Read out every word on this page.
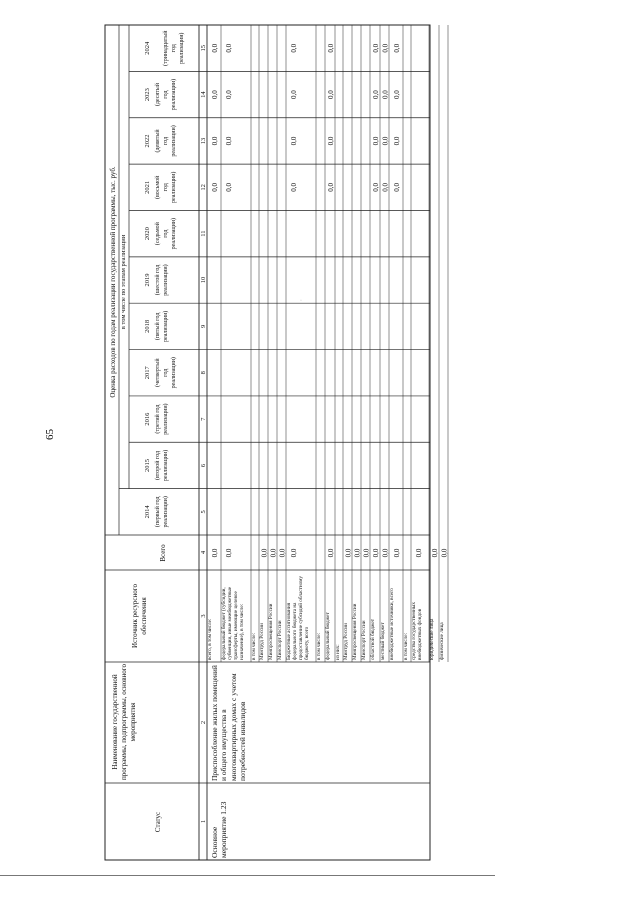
65
·
Статус
Наименование государственной программы, подпрограммы, основного мероприятия
Источник ресурсного обеспечения
Всего
Оценка расходов по годам реализации государственной программы, тыс. руб. в том числе по этапам реализации
2014 (первый год реализации)
2015 (второй год реализации)
2016 (третий год реализации)
2017 (четвертый год реализации)
2018 (пятый год реализации)
2019 (шестой год реализации)
2020 (седьмой год реализации)
2021 (восьмой год реализации)
2022 (девятый год реализации)
2023 (десятый год реализации)
2024 (тринадцатый год реализации)
1
2
3
4
5
6
7
8
9
10
11
12
13
14
15
Основное мероприятие 1.23
Приспособление жилых помещений и общего имущества в многоквартирных домах с учетом потребностей инвалидов
всего, в том числе:
0,0
0,0
0,0
0,0
0,0
федеральный бюджет (субсидии, субвенции, иные межбюджетные трансферты, имеющие целевое назначение), в том числе:
0,0
0,0
0,0
0,0
0,0
в том числе: Минтруд России
0,0
Минпросвещения России
0,0
Минспорт России
0,0
Бюджетные ассигнования федерального бюджета на предоставление субсидий областному бюджету, всего
0,0
0,0
0,0
0,0
0,0
в том числе: федеральный бюджет
0,0
0,0
0,0
0,0
0,0
из них: Минтруд России
0,0
Минпросвещения России
0,0
Минспорт России
0,0
областной бюджет
0,0
0,0
0,0
0,0
0,0
местный бюджет
0,0
0,0
0,0
0,0
0,0
внебюджетные источники, всего
0,0
0,0
0,0
0,0
0,0
в том числе: средства государственных внебюджетных фондов
0,0
юридические лица
0,0
физические лица
0,0
